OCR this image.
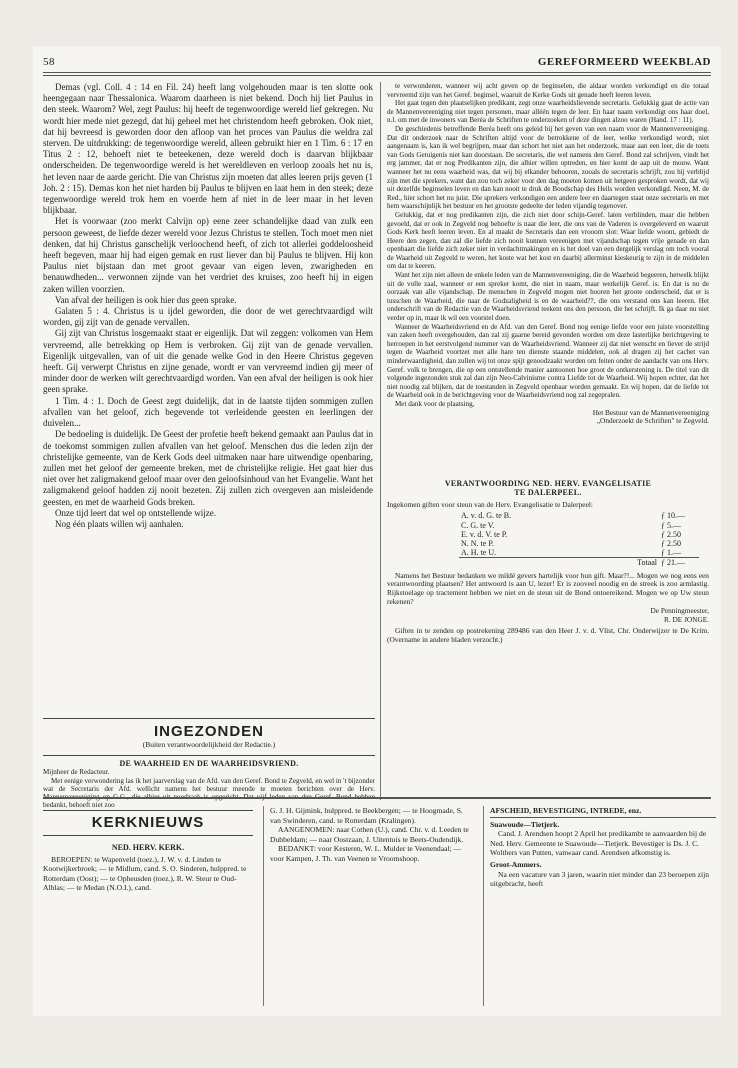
58	GEREFORMEERD WEEKBLAD

Demas (vgl. Coll. 4 : 14 en Fil. 24) heeft lang volgehouden maar is ten slotte ook heengegaan naar Thessalonica. Waarom daarheen is niet bekend. Doch hij liet Paulus in den steek. Waarom? Wel, zegt Paulus: hij heeft de tegenwoordige wereld lief gekregen. Nu wordt hier mede niet gezegd, dat hij geheel met het christendom heeft gebroken. Ook niet, dat hij bevreesd is geworden door den afloop van het proces van Paulus die weldra zal sterven. De uitdrukking: de tegenwoordige wereld, alleen gebruikt hier en 1 Tim. 6 : 17 en Titus 2 : 12, behoeft niet te beteekenen, deze wereld doch is daarvan blijkbaar onderscheiden. De tegenwoordige wereld is het wereldleven en verloop zooals het nu is, het leven naar de aarde gericht. Die van Christus zijn moeten dat alles leeren prijs geven (1 Joh. 2 : 15). Demas kon het niet harden bij Paulus te blijven en laat hem in den steek; deze tegenwoordige wereld trok hem en voerde hem af niet in de leer maar in het leven blijkbaar.

Het is voorwaar (zoo merkt Calvijn op) eene zeer schandelijke daad van zulk een persoon geweest, de liefde dezer wereld voor Jezus Christus te stellen. Toch moet men niet denken, dat hij Christus ganschelijk verloochend heeft, of zich tot allerlei goddeloosheid heeft begeven, maar hij had eigen gemak en rust liever dan bij Paulus te blijven. Hij kon Paulus niet bijstaan dan met groot gevaar van eigen leven, zwarigheden en benauwdheden... verwonnen zijnde van het verdriet des kruises, zoo heeft hij in eigen zaken willen voorzien.

Van afval der heiligen is ook hier dus geen sprake.

Galaten 5 : 4. Christus is u ijdel geworden, die door de wet gerechtvaardigd wilt worden, gij zijt van de genade vervallen.

Gij zijt van Christus losgemaakt staat er eigenlijk. Dat wil zeggen: volkomen van Hem vervreemd, alle betrekking op Hem is verbroken. Gij zijt van de genade vervallen. Eigenlijk uitgevallen, van of uit die genade welke God in den Heere Christus gegeven heeft. Gij verwerpt Christus en zijne genade, wordt er van vervreemd indien gij meer of minder door de werken wilt gerechtvaardigd worden. Van een afval der heiligen is ook hier geen sprake.

1 Tim. 4 : 1. Doch de Geest zegt duidelijk, dat in de laatste tijden sommigen zullen afvallen van het geloof, zich begevende tot verleidende geesten en leerlingen der duivelen...

De bedoeling is duidelijk. De Geest der profetie heeft bekend gemaakt aan Paulus dat in de toekomst sommigen zullen afvallen van het geloof. Menschen dus die leden zijn der christelijke gemeente, van de Kerk Gods deel uitmaken naar hare uitwendige openbaring, zullen met het geloof der gemeente breken, met de christelijke religie. Het gaat hier dus niet over het zaligmakend geloof maar over den geloofsinhoud van het Evangelie. Want het zaligmakend geloof hadden zij nooit bezeten. Zij zullen zich overgeven aan misleidende geesten, en met de waarheid Gods breken.

Onze tijd leert dat wel op ontstellende wijze.

Nog één plaats willen wij aanhalen.

INGEZONDEN
(Buiten verantwoordelijkheid der Redactie.)
DE WAARHEID EN DE WAARHEIDSVRIEND.

Mijnheer de Redacteur.

Met eenige verwondering las ik het jaarverslag van de Afd. van den Geref. Bond te Zegveld, en wel in 't bijzonder wat de Secretaris der Afd. wellicht namens het bestuur meende te moeten berichten over de Herv. Mannenvereeniging op G.G., die alhier uit noodzaak is opgericht. Dat vijf leden van den Geref. Bond hebben bedankt, behoeft niet zoo

te verwonderen, wanneer wij acht geven op de beginselen, die aldaar worden verkondigd en die totaal vervreemd zijn van het Geref. beginsel, waaruit de Kerke Gods uit genade heeft leeren leven.

Het gaat tegen den plaatselijken predikant, zegt onze waarheidslievende secretaris. Gelukkig gaat de actie van de Mannenvereeniging niet tegen personen, maar alléén tegen de leer. En haar naam verkondigt ons haar doel, n.l. om met de inwoners van Beréa de Schriften te onderzoeken of deze dingen alzoo waren (Hand. 17 : 11).

De geschiedenis betreffende Beréa heeft ons geleid bij het geven van een naam voor de Mannenvereeniging. Dat dit onderzoek naar de Schriften altijd voor de betrokkene of de leer, welke verkondigd wordt, niet aangenaam is, kan ik wel begrijpen, maar dan schort het niet aan het onderzoek, maar aan een leer, die de toets van Gods Getuigenis niet kan doorstaan. De secretaris, die wel namens den Geref. Bond zal schrijven, vindt het erg jammer, dat er nog Predikanten zijn, die alhier willen optreden, en hier komt de aap uit de mouw. Want wanneer het nu eens waarheid was, dat wij bij elkander behooren, zooals de secretaris schrijft, zou hij verblijd zijn met die sprekers, want dan zou toch zeker voor den dag moeten komen uit hetgeen gesproken wordt, dat wij uit dezelfde beginselen leven en dan kan nooit te druk de Boodschap des Heils worden verkondigd. Neen, M. de Red., hier schort het nu juist. Die sprekers verkondigen een andere leer en daartegen staat onze secretaris en met hem waarschijnlijk het bestuur en het grootste gedeelte der leden vijandig tegenover.

Gelukkig, dat er nog predikanten zijn, die zich niet door schijn-Geref. laten verblinden, maar die hebben gevoeld, dat er ook in Zegveld nog behoefte is naar die leer, die ons van de Vaderen is overgeleverd en waaruit Gods Kerk heeft leeren leven. En al maakt de Secretaris dan een vrooom slot: Waar liefde woont, gebiedt de Heere den zegen, dan zal die liefde zich nooit kunnen vereenigen met vijandschap tegen vrije genade en dan openbaart die liefde zich zeker niet in verdachtmakingen en is het doel van een dergelijk verslag om toch vooral de Waarheid uit Zegveld te weren, het koste wat het kost en daarbij allerminst kieskeurig te zijn in de middelen om dat te keeren.

Want het zijn niet alleen de enkele leden van de Mannenvereeniging, die de Waarheid begeeren, hetwelk blijkt uit de volle zaal, wanneer er een spreker komt, die niet in naam, maar werkelijk Geref. is. En dat is nu de oorzaak van alle vijandschap. De menschen in Zegveld mogen niet hooren het groote onderscheid, dat er is tusschen de Waarheid, die naar de Godzaligheid is en de waarheid??, die ons verstand ons kan leeren. Het onderschrift van de Redactie van de Waarheidsvriend teekent ons den persoon, die het schrijft. Ik ga daar nu niet verder op in, maar ik wil een voorstel doen.

Wanneer de Waarheidsvriend en de Afd. van den Geref. Bond nog eenige liefde voor een juiste voorstelling van zaken heeft overgehouden, dan zal zij gaarne bereid gevonden worden om deze lasterlijke berichtgeving te herroepen in het eerstvolgend nummer van de Waarheidsvriend. Wanneer zij dat niet wenscht en liever de strijd tegen de Waarheid voortzet met alle hare ten dienste staande middelen, ook al dragen zij het cachet van minderwaardigheid, dan zullen wij tot onze spijt genoodzaakt worden om feiten onder de aandacht van ons Herv. Geref. volk te brengen, die op een ontstellende manier aantoonen hoe groot de ontkerstening is. De titel van dit volgende ingezonden stuk zal dan zijn Neo-Calvinisme contra Liefde tot de Waarheid. Wij hopen echter, dat het niet noodig zal blijken, dat de toestanden in Zegveld openbaar worden gemaakt. En wij hopen, dat de liefde tot de Waarheid ook in de berichtgeving voor de Waarheidsvriend nog zal zegepralen.

Met dank voor de plaatsing,

Het Bestuur van de Mannenvereeniging
„Onderzoekt de Schriften" te Zegveld.
VERANTWOORDING NED. HERV. EVANGELISATIE
TE DALERPEEL.

Ingekomen giften voor steun van de Herv. Evangelisatie te Dalerpeel:

A. v. d. G. te B.	ƒ 10.—
C. G. te V.	ƒ 5.—
E. v. d. V. te P.	ƒ 2.50
N. N. te P.	ƒ 2.50
A. H. te U.	ƒ 1.—
Totaal	ƒ 21.—

Namens het Bestuur bedanken we mildé gevers hartelijk voor hun gift. Maar?!... Mogen we nog eens een verantwoording plaatsen? Het antwoord is aan U, lezer! Er is zooveel noodig en de streek is zoo armlastig. Rijkstoelage op tractement hebben we niet en de steun uit de Bond ontoereikend. Mogen we op Uw steun rekenen?

De Penningmeester,
R. DE JONGE.

Giften in te zenden op postrekening 289486 van den Heer J. v. d. Vlist, Chr. Onderwijzer te De Krim. (Overname in andere bladen verzocht.)

KERKNIEUWS
NED. HERV. KERK.

BEROEPEN: te Wapenveld (toez.), J. W. v. d. Linden te Kootwijkerbroek; — te Midlum, cand. S. O. Sinderen, hulppred. te Rotterdam (Oost); — te Opheusden (toez.), R. W. Steur te Oud-Alblas; — te Medan (N.O.I.), cand.

G. J. H. Gijmink, hulppred. te Beekbergen; — te Hoogmade, S. van Swinderen, cand. te Rotterdam (Kralingen).

AANGENOMEN: naar Cothen (U.), cand. Chr. v. d. Leeden te Dubbeldam; — naar Oostzaan, J. Uitentuis te Beets-Oudendijk.

BEDANKT: voor Kesteren, W. L. Mulder te Veenendaal; — voor Kampen, J. Th. van Veenen te Vroomshoop.

AFSCHEID, BEVESTIGING, INTREDE, enz.
Suawoude—Tietjerk.

Cand. J. Arendsen hoopt 2 April het predikambt te aanvaarden bij de Ned. Herv. Gemeente te Suawoude—Tietjerk. Bevestiger is Ds. J. C. Wolthers van Putten, vanwaar cand. Arendsen afkomstig is.

Groot-Ammers.

Na een vacature van 3 jaren, waarin niet minder dan 23 beroepen zijn uitgebracht, heeft
